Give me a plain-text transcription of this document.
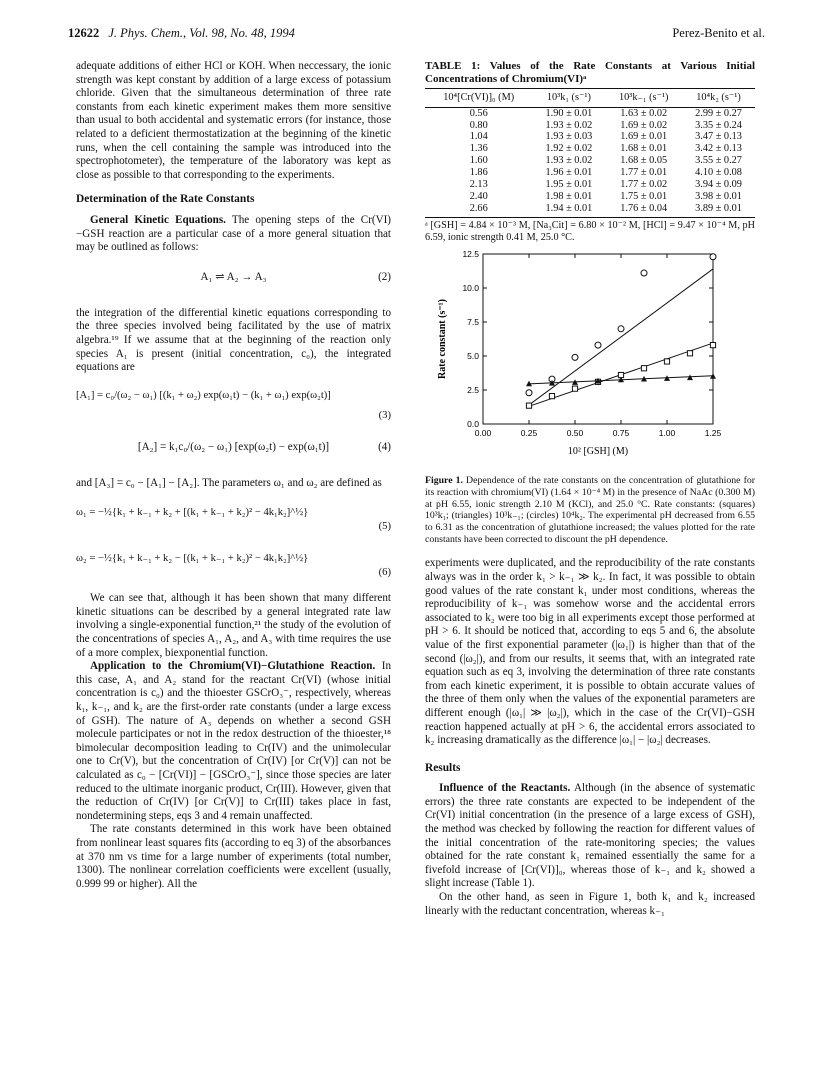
12622 J. Phys. Chem., Vol. 98, No. 48, 1994	Perez-Benito et al.

adequate additions of either HCl or KOH. When neccessary, the ionic strength was kept constant by addition of a large excess of potassium chloride. Given that the simultaneous determination of three rate constants from each kinetic experiment makes them more sensitive than usual to both accidental and systematic errors (for instance, those related to a deficient thermostatization at the beginning of the kinetic runs, when the cell containing the sample was introduced into the spectrophotometer), the temperature of the laboratory was kept as close as possible to that corresponding to the experiments.

Determination of the Rate Constants

General Kinetic Equations. The opening steps of the Cr(VI)−GSH reaction are a particular case of a more general situation that may be outlined as follows:

A₁ ⇌ A₂ → A₃	(2)

the integration of the differential kinetic equations corresponding to the three species involved being facilitated by the use of matrix algebra.¹⁹ If we assume that at the beginning of the reaction only species A₁ is present (initial concentration, c₀), the integrated equations are

[A₁] = c₀/(ω₂ − ω₁) [(k₁ + ω₂) exp(ω₁t) − (k₁ + ω₁) exp(ω₂t)]
(3)
[A₂] = k₁c₀/(ω₂ − ω₁) [exp(ω₂t) − exp(ω₁t)]	(4)

and [A₃] = c₀ − [A₁] − [A₂]. The parameters ω₁ and ω₂ are defined as

ω₁ = −½{k₁ + k₋₁ + k₂ + [(k₁ + k₋₁ + k₂)² − 4k₁k₂]^½}
(5)
ω₂ = −½{k₁ + k₋₁ + k₂ − [(k₁ + k₋₁ + k₂)² − 4k₁k₂]^½}
(6)

We can see that, although it has been shown that many different kinetic situations can be described by a general integrated rate law involving a single-exponential function,²¹ the study of the evolution of the concentrations of species A₁, A₂, and A₃ with time requires the use of a more complex, biexponential function.

Application to the Chromium(VI)−Glutathione Reaction. In this case, A₁ and A₂ stand for the reactant Cr(VI) (whose initial concentration is c₀) and the thioester GSCrO₃⁻, respectively, whereas k₁, k₋₁, and k₂ are the first-order rate constants (under a large excess of GSH). The nature of A₃ depends on whether a second GSH molecule participates or not in the redox destruction of the thioester,¹⁸ bimolecular decomposition leading to Cr(IV) and the unimolecular one to Cr(V), but the concentration of Cr(IV) [or Cr(V)] can not be calculated as c₀ − [Cr(VI)] − [GSCrO₃⁻], since those species are later reduced to the ultimate inorganic product, Cr(III). However, given that the reduction of Cr(IV) [or Cr(V)] to Cr(III) takes place in fast, nondetermining steps, eqs 3 and 4 remain unaffected.

The rate constants determined in this work have been obtained from nonlinear least squares fits (according to eq 3) of the absorbances at 370 nm vs time for a large number of experiments (total number, 1300). The nonlinear correlation coefficients were excellent (usually, 0.999 99 or higher). All the

TABLE 1: Values of the Rate Constants at Various Initial Concentrations of Chromium(VI)ᵃ
10⁴[Cr(VI)]₀ (M)	10³k₁ (s⁻¹)	10³k₋₁ (s⁻¹)	10⁴k₂ (s⁻¹)
0.56	1.90 ± 0.01	1.63 ± 0.02	2.99 ± 0.27
0.80	1.93 ± 0.02	1.69 ± 0.02	3.35 ± 0.24
1.04	1.93 ± 0.03	1.69 ± 0.01	3.47 ± 0.13
1.36	1.92 ± 0.02	1.68 ± 0.01	3.42 ± 0.13
1.60	1.93 ± 0.02	1.68 ± 0.05	3.55 ± 0.27
1.86	1.96 ± 0.01	1.77 ± 0.01	4.10 ± 0.08
2.13	1.95 ± 0.01	1.77 ± 0.02	3.94 ± 0.09
2.40	1.98 ± 0.01	1.75 ± 0.01	3.98 ± 0.01
2.66	1.94 ± 0.01	1.76 ± 0.04	3.89 ± 0.01
ᵃ [GSH] = 4.84 × 10⁻³ M, [Na₃Cit] = 6.80 × 10⁻² M, [HCl] = 9.47 × 10⁻⁴ M, pH 6.59, ionic strength 0.41 M, 25.0 °C.
0.00	0.25	0.50	0.75	1.00	1.25
0.0
2.5
5.0
7.5
10.0
12.5
10² [GSH] (M)
Rate constant (s⁻¹)
Figure 1. Dependence of the rate constants on the concentration of glutathione for its reaction with chromium(VI) (1.64 × 10⁻⁴ M) in the presence of NaAc (0.300 M) at pH 6.55, ionic strength 2.10 M (KCl), and 25.0 °C. Rate constants: (squares) 10³k₁; (triangles) 10³k₋₁; (circles) 10⁴k₂. The experimental pH decreased from 6.55 to 6.31 as the concentration of glutathione increased; the values plotted for the rate constants have been corrected to discount the pH dependence.

experiments were duplicated, and the reproducibility of the rate constants always was in the order k₁ > k₋₁ ≫ k₂. In fact, it was possible to obtain good values of the rate constant k₁ under most conditions, whereas the reproducibility of k₋₁ was somehow worse and the accidental errors associated to k₂ were too big in all experiments except those performed at pH > 6. It should be noticed that, according to eqs 5 and 6, the absolute value of the first exponential parameter (|ω₁|) is higher than that of the second (|ω₂|), and from our results, it seems that, with an integrated rate equation such as eq 3, involving the determination of three rate constants from each kinetic experiment, it is possible to obtain accurate values of the three of them only when the values of the exponential parameters are different enough (|ω₁| ≫ |ω₂|), which in the case of the Cr(VI)−GSH reaction happened actually at pH > 6, the accidental errors associated to k₂ increasing dramatically as the difference |ω₁| − |ω₂| decreases.

Results

Influence of the Reactants. Although (in the absence of systematic errors) the three rate constants are expected to be independent of the Cr(VI) initial concentration (in the presence of a large excess of GSH), the method was checked by following the reaction for different values of the initial concentration of the rate-monitoring species; the values obtained for the rate constant k₁ remained essentially the same for a fivefold increase of [Cr(VI)]₀, whereas those of k₋₁ and k₂ showed a slight increase (Table 1).

On the other hand, as seen in Figure 1, both k₁ and k₂ increased linearly with the reductant concentration, whereas k₋₁
